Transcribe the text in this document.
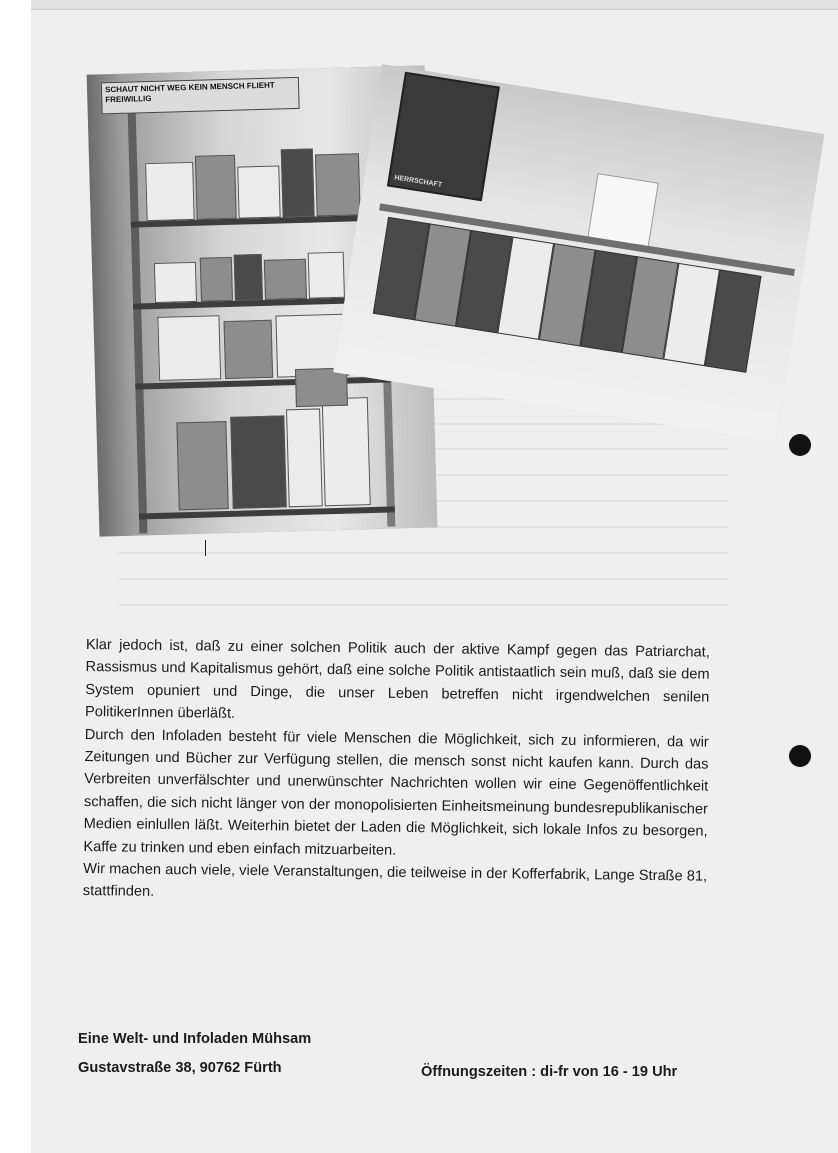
SCHAUT NICHT WEG KEIN MENSCH FLIEHT FREIWILLIG
HERRSCHAFT

Klar jedoch ist, daß zu einer solchen Politik auch der aktive Kampf gegen das Patriarchat, Rassismus und Kapitalismus gehört, daß eine solche Politik antistaatlich sein muß, daß sie dem System opuniert und Dinge, die unser Leben betreffen nicht irgendwelchen senilen PolitikerInnen überläßt.

Durch den Infoladen besteht für viele Menschen die Möglichkeit, sich zu informieren, da wir Zeitungen und Bücher zur Verfügung stellen, die mensch sonst nicht kaufen kann. Durch das Verbreiten unverfälschter und unerwünschter Nachrichten wollen wir eine Gegenöffentlichkeit schaffen, die sich nicht länger von der monopolisierten Einheitsmeinung bundesrepublikanischer Medien einlullen läßt. Weiterhin bietet der Laden die Möglichkeit, sich lokale Infos zu besorgen, Kaffe zu trinken und eben einfach mitzuarbeiten.

Wir machen auch viele, viele Veranstaltungen, die teilweise in der Kofferfabrik, Lange Straße 81, stattfinden.

Eine Welt- und Infoladen Mühsam
Gustavstraße 38, 90762 Fürth	Öffnungszeiten : di-fr von 16 - 19 Uhr
